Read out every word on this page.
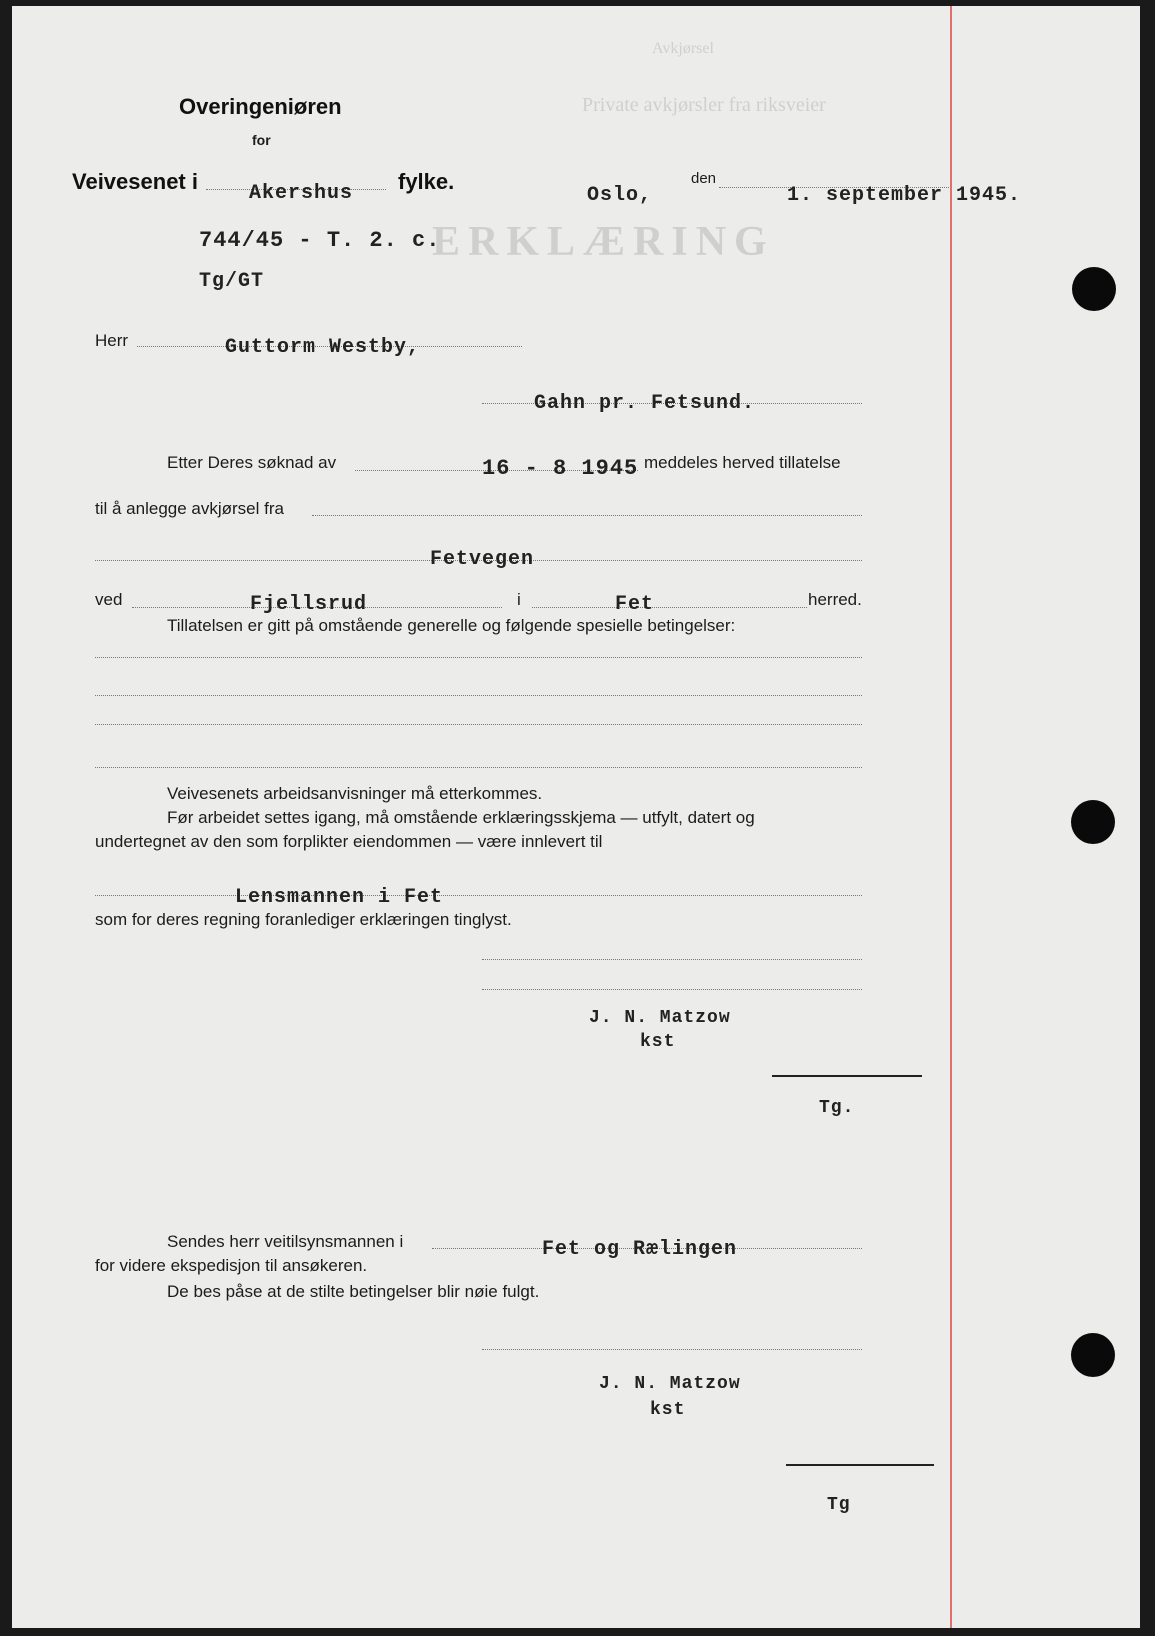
Avkjørsel
Private avkjørsler fra riksveier
ERKLÆRING
Overingeniøren
for
Veivesenet i	Akershus fylke.
Oslo,
den
1. september 1945.
744/45 - T. 2. c.
Tg/GT
Herr	Guttorm Westby,
Gahn pr. Fetsund.
Etter Deres søknad av	16 - 8 1945 meddeles herved tillatelse
til å anlegge avkjørsel fra
Fetvegen
ved	Fjellsrud	i	Fet	herred.
Tillatelsen er gitt på omstående generelle og følgende spesielle betingelser:
Veivesenets arbeidsanvisninger må etterkommes.
Før arbeidet settes igang, må omstående erklæringsskjema — utfylt, datert og
undertegnet av den som forplikter eiendommen — være innlevert til
Lensmannen i Fet
som for deres regning foranlediger erklæringen tinglyst.
J. N. Matzow
kst
Tg.
Sendes herr veitilsynsmannen i	Fet og Rælingen
for videre ekspedisjon til ansøkeren.
De bes påse at de stilte betingelser blir nøie fulgt.
J. N. Matzow
kst
Tg
